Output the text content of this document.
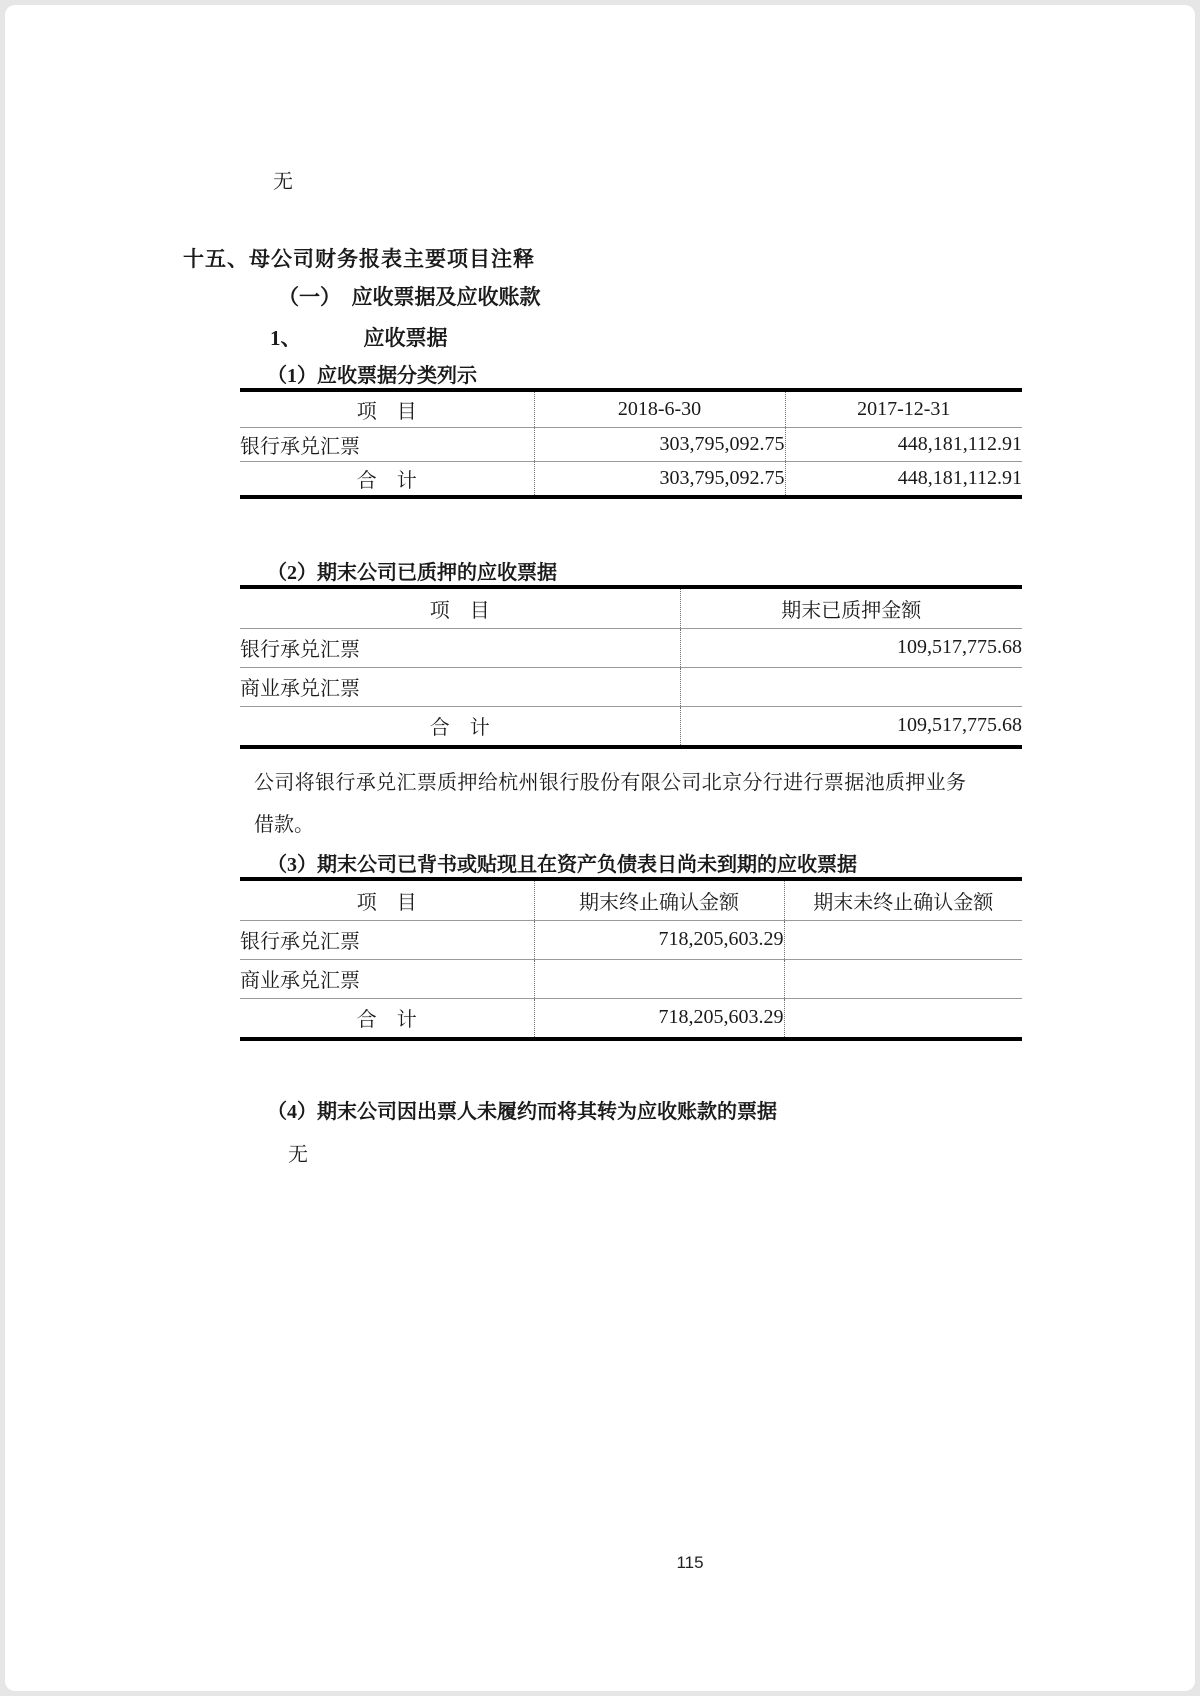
无
十五、母公司财务报表主要项目注释
（一）　应收票据及应收账款
1、	应收票据
（1）应收票据分类列示
项　目	2018-6-30	2017-12-31
银行承兑汇票	303,795,092.75	448,181,112.91
合　计	303,795,092.75	448,181,112.91
（2）期末公司已质押的应收票据
项　目	期末已质押金额
银行承兑汇票	109,517,775.68
商业承兑汇票	
合　计	109,517,775.68
公司将银行承兑汇票质押给杭州银行股份有限公司北京分行进行票据池质押业务借款。
（3）期末公司已背书或贴现且在资产负债表日尚未到期的应收票据
项　目	期末终止确认金额	期末未终止确认金额
银行承兑汇票	718,205,603.29	
商业承兑汇票		
合　计	718,205,603.29	
（4）期末公司因出票人未履约而将其转为应收账款的票据
无
115
